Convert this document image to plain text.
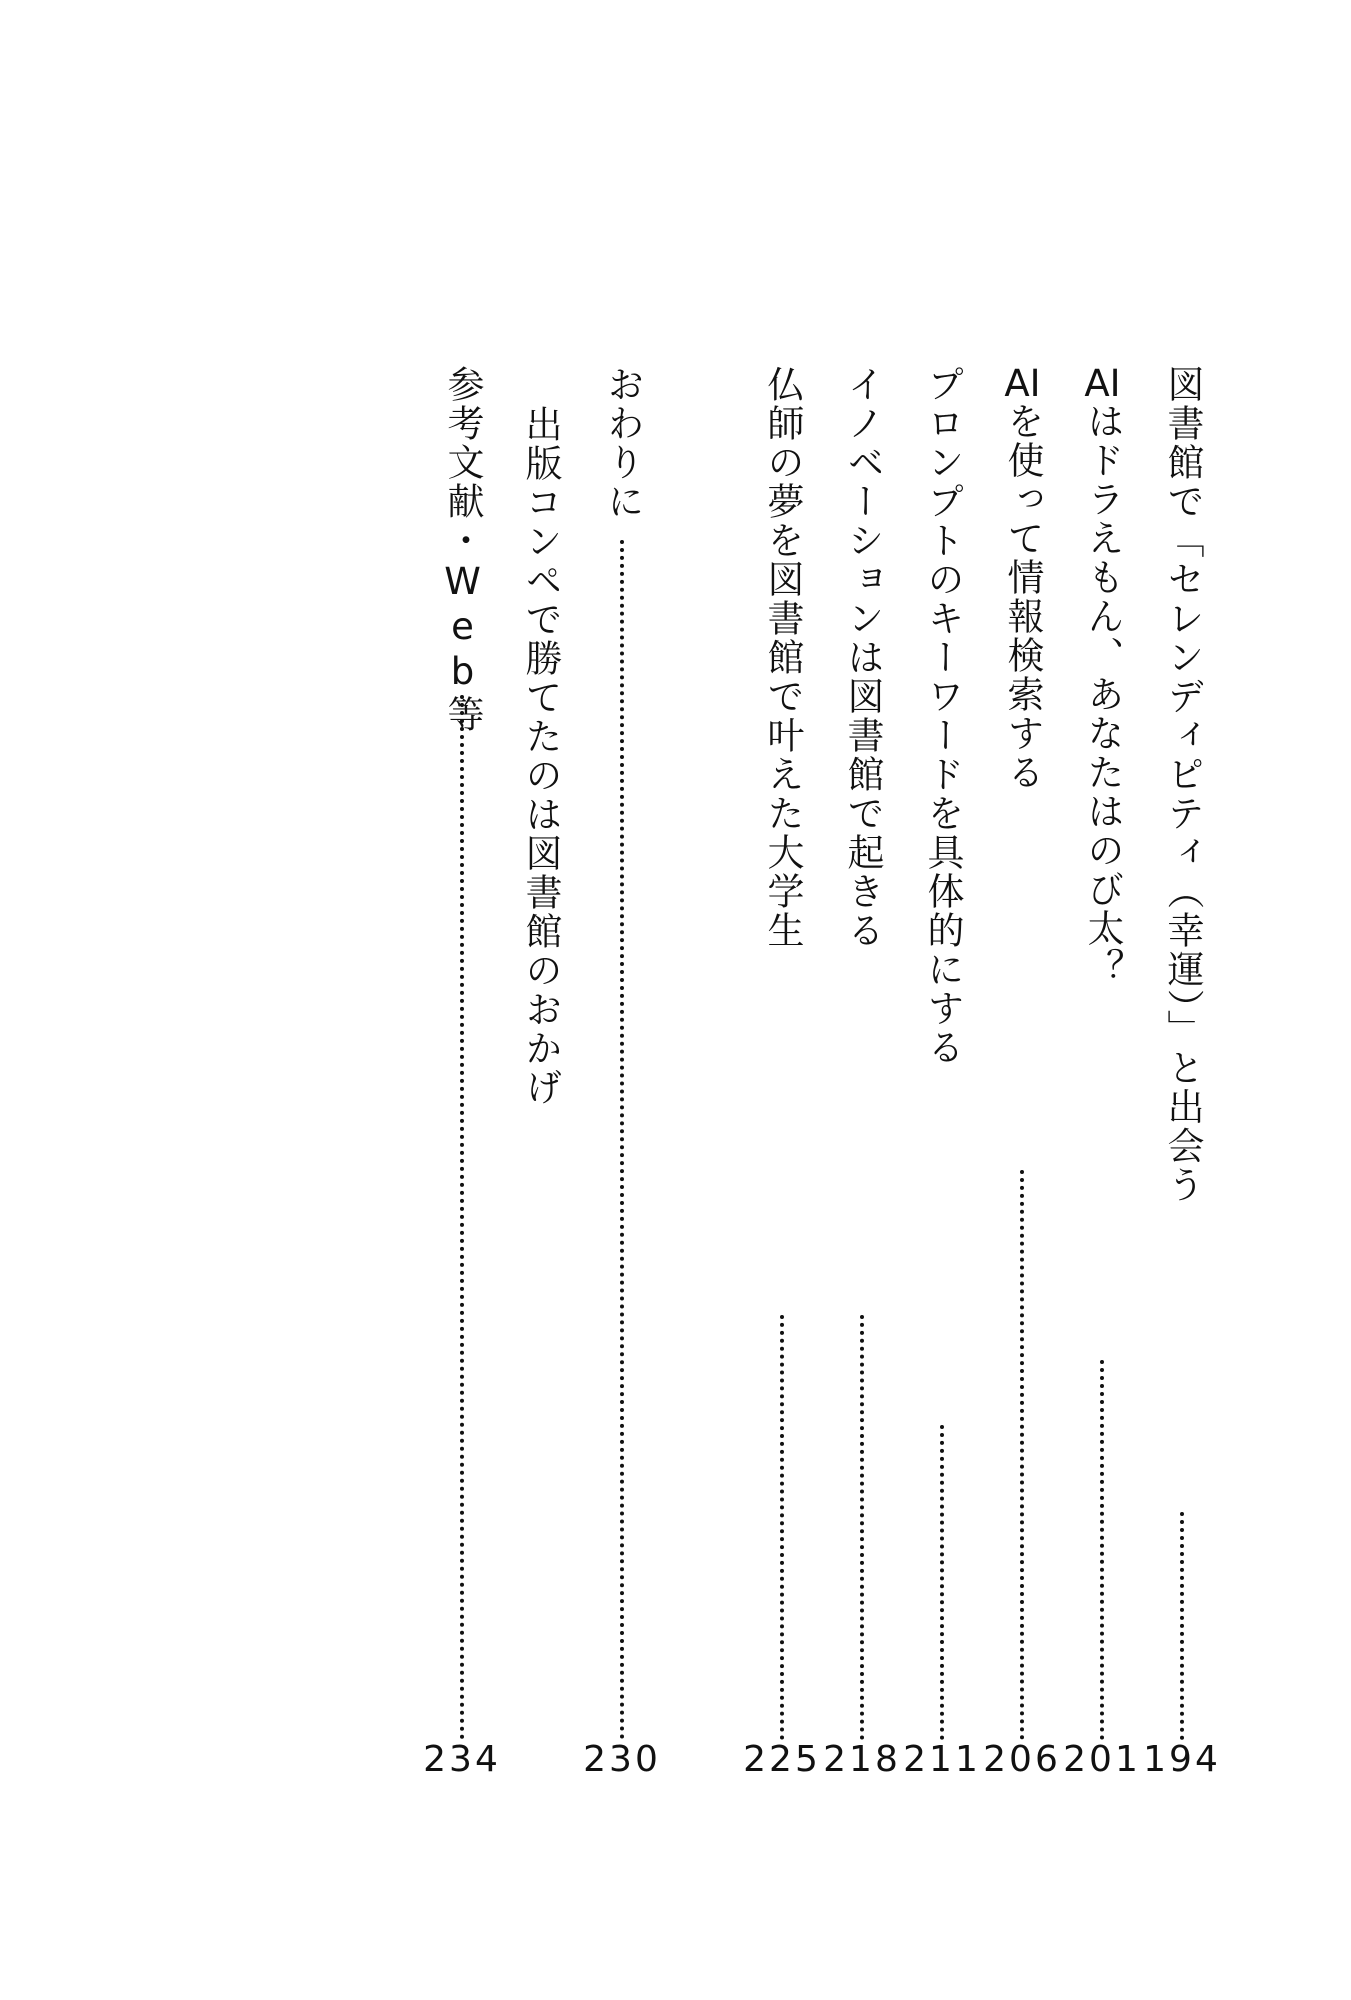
図書館で「セレンディピティ（幸運）」と出会う
194
AIはドラえもん、あなたはのび太？
201
AIを使って情報検索する
206
プロンプトのキーワードを具体的にする
211
イノベーションは図書館で起きる
218
仏師の夢を図書館で叶えた大学生
225
おわりに
230
出版コンペで勝てたのは図書館のおかげ
参考文献・Web等
234
